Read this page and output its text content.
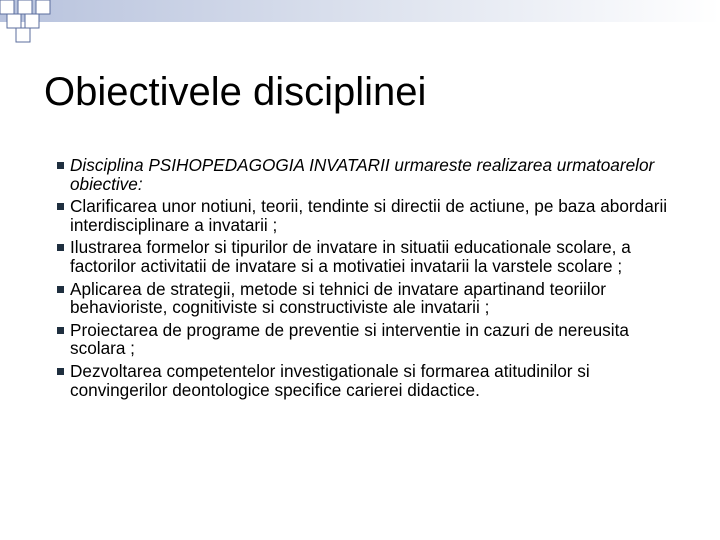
Obiectivele disciplinei
Disciplina PSIHOPEDAGOGIA INVATARII urmareste realizarea urmatoarelor obiective:
Clarificarea unor notiuni, teorii, tendinte si directii de actiune, pe baza abordarii interdisciplinare a invatarii ;
Ilustrarea formelor si tipurilor de invatare in situatii educationale scolare, a factorilor activitatii de invatare si a motivatiei invatarii la varstele scolare ;
Aplicarea de strategii, metode si tehnici de invatare apartinand teoriilor behavioriste, cognitiviste si constructiviste ale invatarii ;
Proiectarea de programe de preventie si interventie in cazuri de nereusita scolara ;
Dezvoltarea competentelor investigationale si formarea atitudinilor si convingerilor deontologice specifice carierei didactice.
